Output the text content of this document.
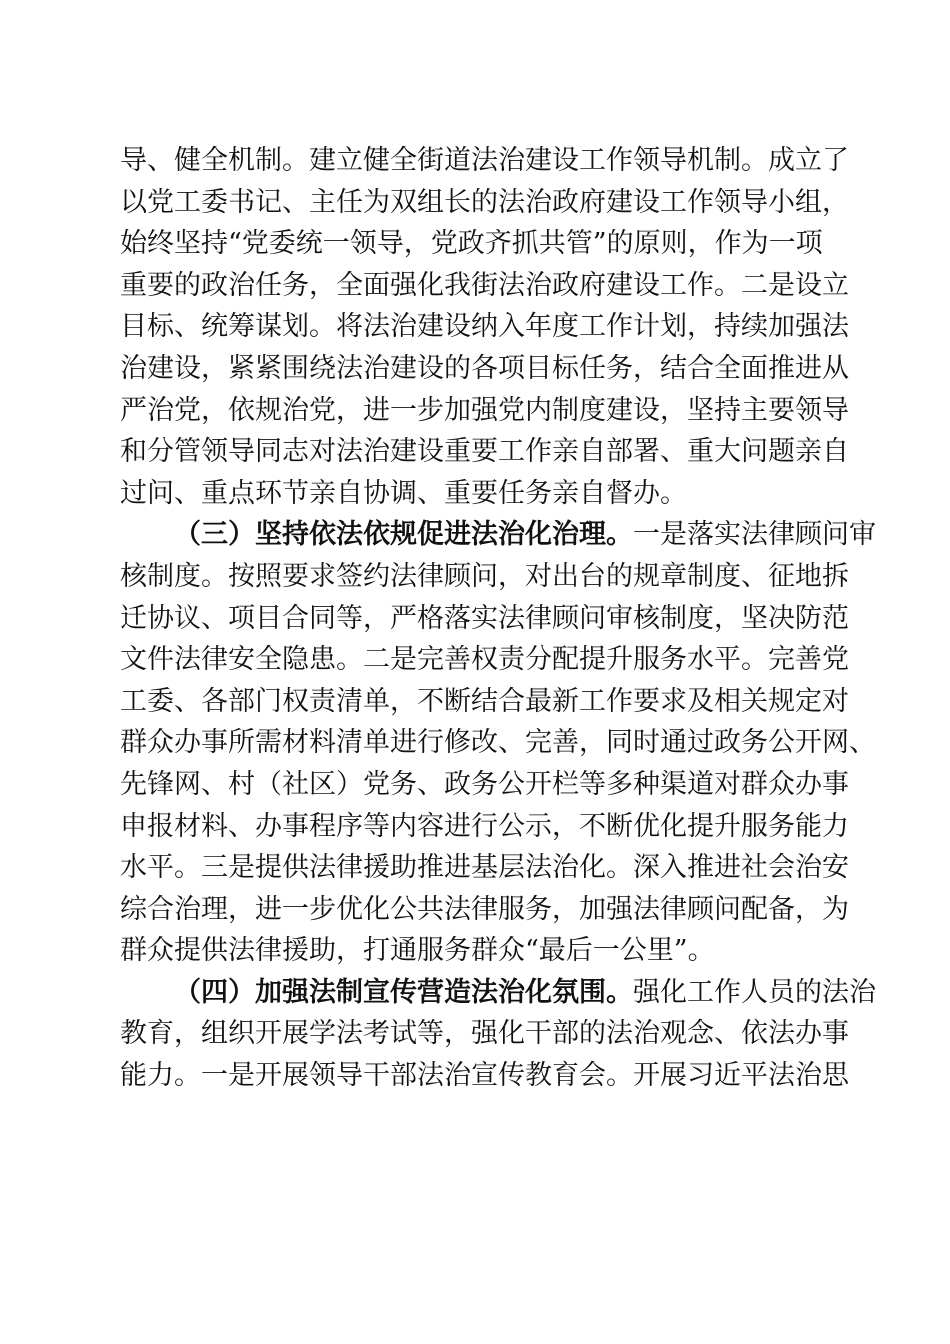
导、健全机制。建立健全街道法治建设工作领导机制。成立了
以党工委书记、主任为双组长的法治政府建设工作领导小组，
始终坚持“党委统一领导，党政齐抓共管”的原则，作为一项
重要的政治任务，全面强化我街法治政府建设工作。二是设立
目标、统筹谋划。将法治建设纳入年度工作计划，持续加强法
治建设，紧紧围绕法治建设的各项目标任务，结合全面推进从
严治党，依规治党，进一步加强党内制度建设，坚持主要领导
和分管领导同志对法治建设重要工作亲自部署、重大问题亲自
过问、重点环节亲自协调、重要任务亲自督办。
（三）坚持依法依规促进法治化治理。一是落实法律顾问审
核制度。按照要求签约法律顾问，对出台的规章制度、征地拆
迁协议、项目合同等，严格落实法律顾问审核制度，坚决防范
文件法律安全隐患。二是完善权责分配提升服务水平。完善党
工委、各部门权责清单，不断结合最新工作要求及相关规定对
群众办事所需材料清单进行修改、完善，同时通过政务公开网、
先锋网、村（社区）党务、政务公开栏等多种渠道对群众办事
申报材料、办事程序等内容进行公示，不断优化提升服务能力
水平。三是提供法律援助推进基层法治化。深入推进社会治安
综合治理，进一步优化公共法律服务，加强法律顾问配备，为
群众提供法律援助，打通服务群众“最后一公里”。
（四）加强法制宣传营造法治化氛围。强化工作人员的法治
教育，组织开展学法考试等，强化干部的法治观念、依法办事
能力。一是开展领导干部法治宣传教育会。开展习近平法治思
